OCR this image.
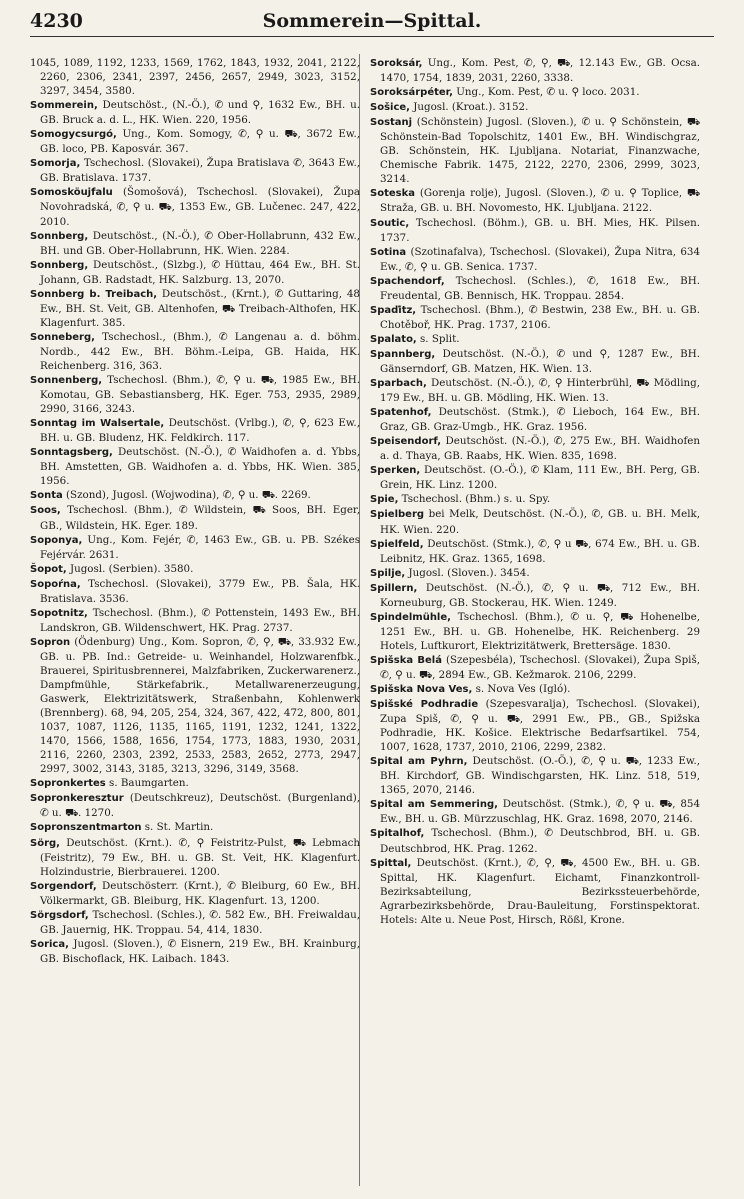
4230	Sommerein—Spittal.

1045, 1089, 1192, 1233, 1569, 1762, 1843, 1932, 2041, 2122, 2260, 2306, 2341, 2397, 2456, 2657, 2949, 3023, 3152, 3297, 3454, 3580.

Sommerein, Deutschöst., (N.-Ö.), ✆ und ⚲, 1632 Ew., BH. u. GB. Bruck a. d. L., HK. Wien. 220, 1956.

Somogycsurgó, Ung., Kom. Somogy, ✆, ⚲ u. ⛟, 3672 Ew., GB. loco, PB. Kaposvár. 367.

Somorja, Tschechosl. (Slovakei), Župa Bratislava ✆, 3643 Ew., GB. Bratislava. 1737.

Somosköujfalu (Šomošová), Tschechosl. (Slovakei), Župa Novohradská, ✆, ⚲ u. ⛟, 1353 Ew., GB. Lučenec. 247, 422, 2010.

Sonnberg, Deutschöst., (N.-Ö.), ✆ Ober-Hollabrunn, 432 Ew., BH. und GB. Ober-Hollabrunn, HK. Wien. 2284.

Sonnberg, Deutschöst., (Slzbg.), ✆ Hüttau, 464 Ew., BH. St. Johann, GB. Radstadt, HK. Salzburg. 13, 2070.

Sonnberg b. Treibach, Deutschöst., (Krnt.), ✆ Guttaring, 48 Ew., BH. St. Veit, GB. Altenhofen, ⛟ Treibach-Althofen, HK. Klagenfurt. 385.

Sonneberg, Tschechosl., (Bhm.), ✆ Langenau a. d. böhm. Nordb., 442 Ew., BH. Böhm.-Leipa, GB. Haida, HK. Reichenberg. 316, 363.

Sonnenberg, Tschechosl. (Bhm.), ✆, ⚲ u. ⛟, 1985 Ew., BH. Komotau, GB. Sebastiansberg, HK. Eger. 753, 2935, 2989, 2990, 3166, 3243.

Sonntag im Walsertale, Deutschöst. (Vrlbg.), ✆, ⚲, 623 Ew., BH. u. GB. Bludenz, HK. Feldkirch. 117.

Sonntagsberg, Deutschöst. (N.-Ö.), ✆ Waidhofen a. d. Ybbs, BH. Amstetten, GB. Waidhofen a. d. Ybbs, HK. Wien. 385, 1956.

Sonta (Szond), Jugosl. (Wojwodina), ✆, ⚲ u. ⛟. 2269.

Soos, Tschechosl. (Bhm.), ✆ Wildstein, ⛟ Soos, BH. Eger, GB., Wildstein, HK. Eger. 189.

Soponya, Ung., Kom. Fejér, ✆, 1463 Ew., GB. u. PB. Székes Fejérvár. 2631.

Šopot, Jugosl. (Serbien). 3580.

Sopoŕna, Tschechosl. (Slovakei), 3779 Ew., PB. Šala, HK. Bratislava. 3536.

Sopotnitz, Tschechosl. (Bhm.), ✆ Pottenstein, 1493 Ew., BH. Landskron, GB. Wildenschwert, HK. Prag. 2737.

Sopron (Ödenburg) Ung., Kom. Sopron, ✆, ⚲, ⛟, 33.932 Ew., GB. u. PB. Ind.: Getreide- u. Weinhandel, Holzwarenfbk., Brauerei, Spiritusbrennerei, Malzfabriken, Zuckerwarenerz., Dampfmühle, Stärkefabrik., Metallwarenerzeugung, Gaswerk, Elektrizitätswerk, Straßenbahn, Kohlenwerk (Brennberg). 68, 94, 205, 254, 324, 367, 422, 472, 800, 801, 1037, 1087, 1126, 1135, 1165, 1191, 1232, 1241, 1322, 1470, 1566, 1588, 1656, 1754, 1773, 1883, 1930, 2031, 2116, 2260, 2303, 2392, 2533, 2583, 2652, 2773, 2947, 2997, 3002, 3143, 3185, 3213, 3296, 3149, 3568.

Sopronkertes s. Baumgarten.

Sopronkeresztur (Deutschkreuz), Deutschöst. (Burgenland), ✆ u. ⛟. 1270.

Sopronszentmarton s. St. Martin.

Sörg, Deutschöst. (Krnt.). ✆, ⚲ Feistritz-Pulst, ⛟ Lebmach (Feistritz), 79 Ew., BH. u. GB. St. Veit, HK. Klagenfurt. Holzindustrie, Bierbrauerei. 1200.

Sorgendorf, Deutschösterr. (Krnt.), ✆ Bleiburg, 60 Ew., BH. Völkermarkt, GB. Bleiburg, HK. Klagenfurt. 13, 1200.

Sörgsdorf, Tschechosl. (Schles.), ✆. 582 Ew., BH. Freiwaldau, GB. Jauernig, HK. Troppau. 54, 414, 1830.

Sorica, Jugosl. (Sloven.), ✆ Eisnern, 219 Ew., BH. Krainburg, GB. Bischoflack, HK. Laibach. 1843.

Soroksár, Ung., Kom. Pest, ✆, ⚲, ⛟, 12.143 Ew., GB. Ocsa. 1470, 1754, 1839, 2031, 2260, 3338.

Soroksárpéter, Ung., Kom. Pest, ✆ u. ⚲ loco. 2031.

Sošice, Jugosl. (Kroat.). 3152.

Sostanj (Schönstein) Jugosl. (Sloven.), ✆ u. ⚲ Schönstein, ⛟ Schönstein-Bad Topolschitz, 1401 Ew., BH. Windischgraz, GB. Schönstein, HK. Ljubljana. Notariat, Finanzwache, Chemische Fabrik. 1475, 2122, 2270, 2306, 2999, 3023, 3214.

Soteska (Gorenja rolje), Jugosl. (Sloven.), ✆ u. ⚲ Toplice, ⛟ Straža, GB. u. BH. Novomesto, HK. Ljubljana. 2122.

Soutic, Tschechosl. (Böhm.), GB. u. BH. Mies, HK. Pilsen. 1737.

Sotina (Szotinafalva), Tschechosl. (Slovakei), Župa Nitra, 634 Ew., ✆, ⚲ u. GB. Senica. 1737.

Spachendorf, Tschechosl. (Schles.), ✆, 1618 Ew., BH. Freudental, GB. Bennisch, HK. Troppau. 2854.

Spaďitz, Tschechosl. (Bhm.), ✆ Bestwin, 238 Ew., BH. u. GB. Chotěboř, HK. Prag. 1737, 2106.

Spalato, s. Split.

Spannberg, Deutschöst. (N.-Ö.), ✆ und ⚲, 1287 Ew., BH. Gänserndorf, GB. Matzen, HK. Wien. 13.

Sparbach, Deutschöst. (N.-Ö.), ✆, ⚲ Hinterbrühl, ⛟ Mödling, 179 Ew., BH. u. GB. Mödling, HK. Wien. 13.

Spatenhof, Deutschöst. (Stmk.), ✆ Lieboch, 164 Ew., BH. Graz, GB. Graz-Umgb., HK. Graz. 1956.

Speisendorf, Deutschöst. (N.-Ö.), ✆, 275 Ew., BH. Waidhofen a. d. Thaya, GB. Raabs, HK. Wien. 835, 1698.

Sperken, Deutschöst. (O.-Ö.), ✆ Klam, 111 Ew., BH. Perg, GB. Grein, HK. Linz. 1200.

Spie, Tschechosl. (Bhm.) s. u. Spy.

Spielberg bei Melk, Deutschöst. (N.-Ö.), ✆, GB. u. BH. Melk, HK. Wien. 220.

Spielfeld, Deutschöst. (Stmk.), ✆, ⚲ u ⛟, 674 Ew., BH. u. GB. Leibnitz, HK. Graz. 1365, 1698.

Spilje, Jugosl. (Sloven.). 3454.

Spillern, Deutschöst. (N.-Ö.), ✆, ⚲ u. ⛟, 712 Ew., BH. Korneuburg, GB. Stockerau, HK. Wien. 1249.

Spindelmühle, Tschechosl. (Bhm.), ✆ u. ⚲, ⛟ Hohenelbe, 1251 Ew., BH. u. GB. Hohenelbe, HK. Reichenberg. 29 Hotels, Luftkurort, Elektrizitätwerk, Brettersäge. 1830.

Spišska Belá (Szepesbéla), Tschechosl. (Slovakei), Župa Spiš, ✆, ⚲ u. ⛟, 2894 Ew., GB. Kežmarok. 2106, 2299.

Spišska Nova Ves, s. Nova Ves (Igló).

Spišské Podhradie (Szepesvaralja), Tschechosl. (Slovakei), Zupa Spiš, ✆, ⚲ u. ⛟, 2991 Ew., PB., GB., Spižska Podhradie, HK. Košice. Elektrische Bedarfsartikel. 754, 1007, 1628, 1737, 2010, 2106, 2299, 2382.

Spital am Pyhrn, Deutschöst. (O.-Ö.), ✆, ⚲ u. ⛟, 1233 Ew., BH. Kirchdorf, GB. Windischgarsten, HK. Linz. 518, 519, 1365, 2070, 2146.

Spital am Semmering, Deutschöst. (Stmk.), ✆, ⚲ u. ⛟, 854 Ew., BH. u. GB. Mürzzuschlag, HK. Graz. 1698, 2070, 2146.

Spitalhof, Tschechosl. (Bhm.), ✆ Deutschbrod, BH. u. GB. Deutschbrod, HK. Prag. 1262.

Spittal, Deutschöst. (Krnt.), ✆, ⚲, ⛟, 4500 Ew., BH. u. GB. Spittal, HK. Klagenfurt. Eichamt, Finanzkontroll-Bezirksabteilung, Bezirkssteuerbehörde, Agrarbezirksbehörde, Drau-Bauleitung, Forstinspektorat. Hotels: Alte u. Neue Post, Hirsch, Rößl, Krone.
